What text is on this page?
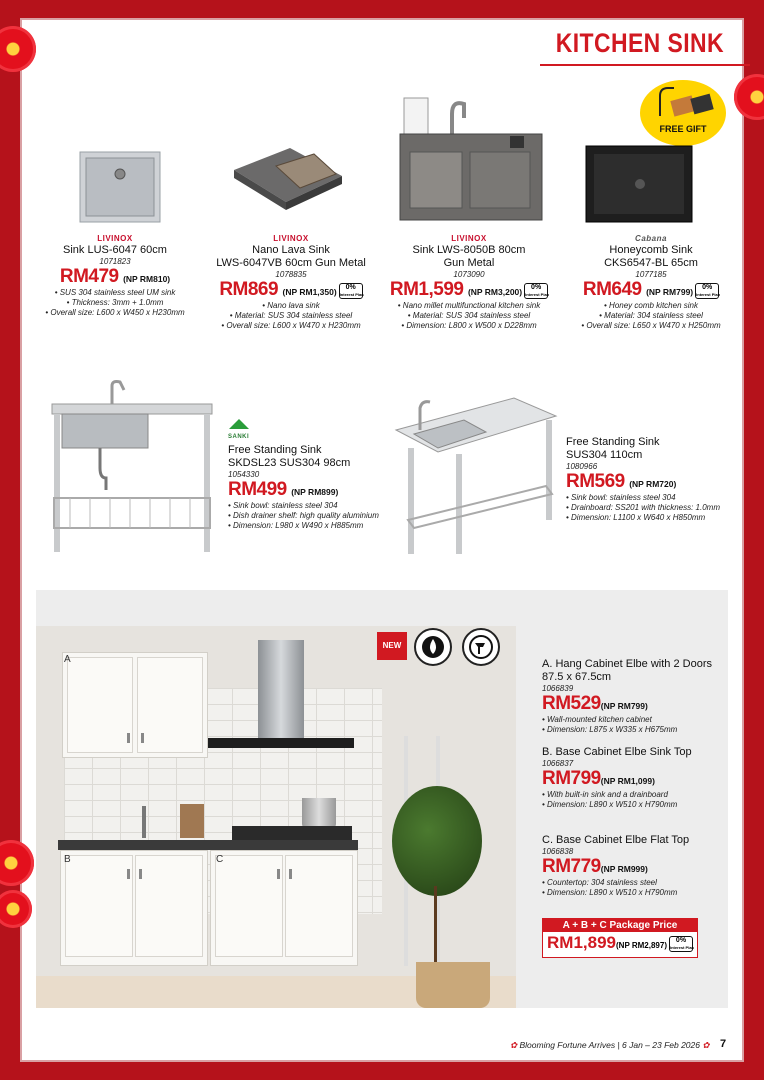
KITCHEN SINK
FREE GIFT
LIVINOX
Sink LUS-6047 60cm
1071823
RM479 (NP RM810)
• SUS 304 stainless steel UM sink
• Thickness: 3mm + 1.0mm
• Overall size: L600 x W450 x H230mm
LIVINOX
Nano Lava Sink
LWS-6047VB 60cm Gun Metal
1078835
RM869 (NP RM1,350) 0%
Interest Plan
• Nano lava sink
• Material: SUS 304 stainless steel
• Overall size: L600 x W470 x H230mm
LIVINOX
Sink LWS-8050B 80cm
Gun Metal
1073090
RM1,599 (NP RM3,200) 0%
Interest Plan
• Nano millet multifunctional kitchen sink
• Material: SUS 304 stainless steel
• Dimension: L800 x W500 x D228mm
Cabana
Honeycomb Sink
CKS6547-BL 65cm
1077185
RM649 (NP RM799) 0%
Interest Plan
• Honey comb kitchen sink
• Material: 304 stainless steel
• Overall size: L650 x W470 x H250mm
SANKI
Free Standing Sink
SKDSL23 SUS304 98cm
1054330
RM499 (NP RM899)
• Sink bowl: stainless steel 304
• Dish drainer shelf: high quality aluminium
• Dimension: L980 x W490 x H885mm
Free Standing Sink
SUS304 110cm
1080966
RM569 (NP RM720)
• Sink bowl: stainless steel 304
• Drainboard: SS201 with thickness: 1.0mm
• Dimension: L1100 x W640 x H850mm
A
B	C
NEW
A. Hang Cabinet Elbe with 2 Doors
87.5 x 67.5cm
1066839
RM529(NP RM799)
• Wall-mounted kitchen cabinet
• Dimension: L875 x W335 x H675mm
B. Base Cabinet Elbe Sink Top
1066837
RM799(NP RM1,099)
• With built-in sink and a drainboard
• Dimension: L890 x W510 x H790mm
C. Base Cabinet Elbe Flat Top
1066838
RM779(NP RM999)
• Countertop: 304 stainless steel
• Dimension: L890 x W510 x H790mm
A + B + C Package Price
RM1,899(NP RM2,897)0%
Interest Plan
✿ Blooming Fortune Arrives | 6 Jan – 23 Feb 2026 ✿ 7
